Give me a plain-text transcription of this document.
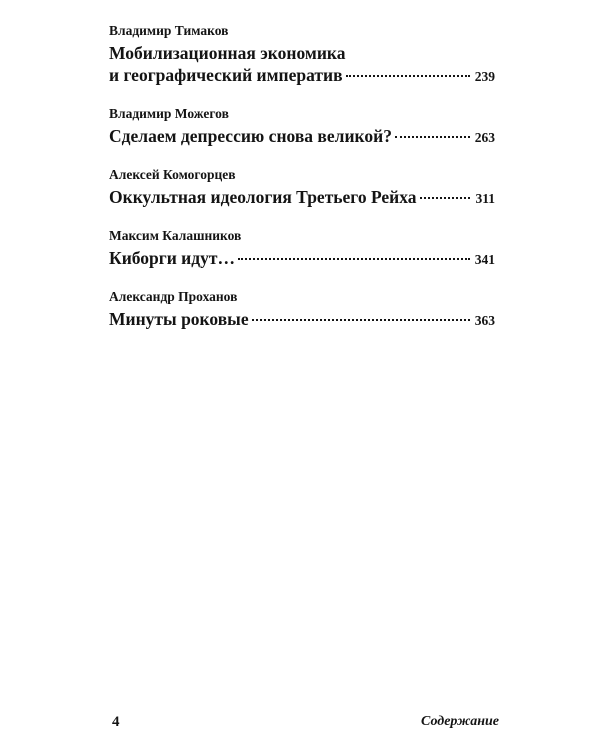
Владимир Тимаков
Мобилизационная экономика
и географический императив	239
Владимир Можегов
Сделаем депрессию снова великой?	263
Алексей Комогорцев
Оккультная идеология Третьего Рейха	311
Максим Калашников
Киборги идут…	341
Александр Проханов
Минуты роковые	363
4	Содержание
